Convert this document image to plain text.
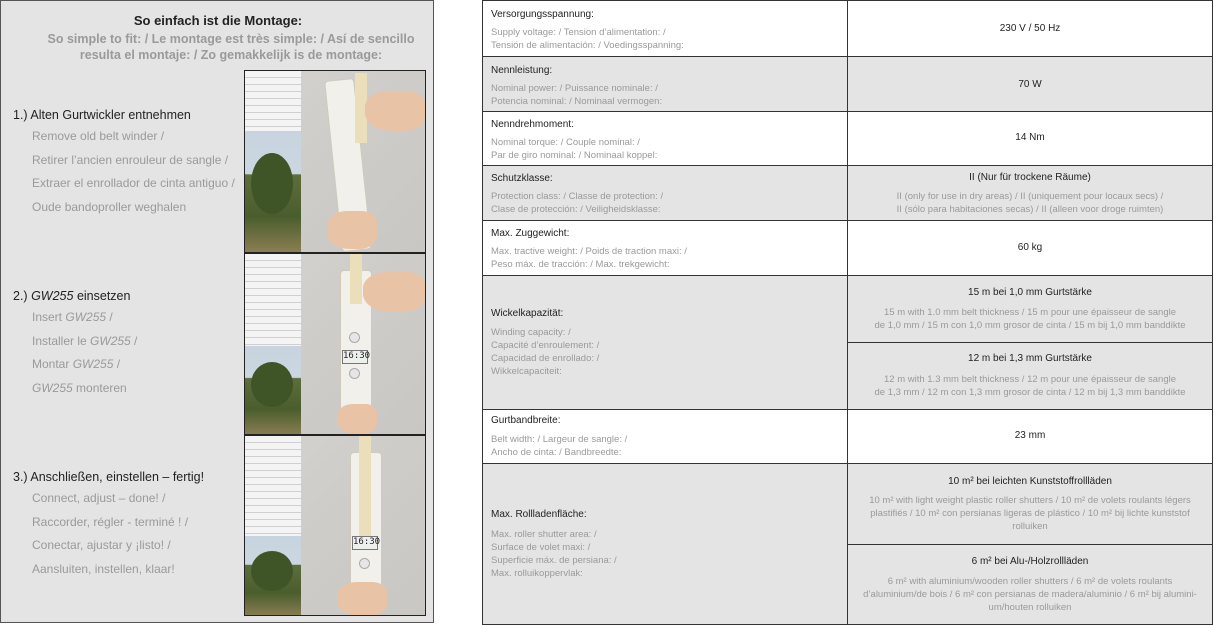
So einfach ist die Montage:
So simple to fit: / Le montage est très simple: / Así de sencillo
resulta el montaje: / Zo gemakkelijk is de montage:
1.) Alten Gurtwickler entnehmen
Remove old belt winder /
Retirer l’ancien enrouleur de sangle /
Extraer el enrollador de cinta antiguo /
Oude bandoproller weghalen
2.) GW255 einsetzen
Insert GW255 /
Installer le GW255 /
Montar GW255 /
GW255 monteren
3.) Anschließen, einstellen – fertig!
Connect, adjust – done! /
Raccorder, régler - terminé ! /
Conectar, ajustar y ¡listo! /
Aansluiten, instellen, klaar!
16:30
16:30
Versorgungsspannung:
Supply voltage: / Tension d’alimentation: /
Tensión de alimentación: / Voedingsspanning:
230 V / 50 Hz
Nennleistung:
Nominal power: / Puissance nominale: /
Potencia nominal: / Nominaal vermogen:
70 W
Nenndrehmoment:
Nominal torque: / Couple nominal: /
Par de giro nominal: / Nominaal koppel:
14 Nm
Schutzklasse:
Protection class: / Classe de protection: /
Clase de protección: / Veiligheidsklasse:
II (Nur für trockene Räume)
II (only for use in dry areas) / II (uniquement pour locaux secs) /
II (sólo para habitaciones secas) / II (alleen voor droge ruimten)
Max. Zuggewicht:
Max. tractive weight: / Poids de traction maxi: /
Peso máx. de tracción: / Max. trekgewicht:
60 kg
Wickelkapazität:
Winding capacity: /
Capacité d’enroulement: /
Capacidad de enrollado: /
Wikkelcapaciteit:
15 m bei 1,0 mm Gurtstärke
15 m with 1.0 mm belt thickness / 15 m pour une épaisseur de sangle
de 1,0 mm / 15 m con 1,0 mm grosor de cinta / 15 m bij 1,0 mm banddikte
12 m bei 1,3 mm Gurtstärke
12 m with 1.3 mm belt thickness / 12 m pour une épaisseur de sangle
de 1,3 mm / 12 m con 1,3 mm grosor de cinta / 12 m bij 1,3 mm banddikte
Gurtbandbreite:
Belt width: / Largeur de sangle: /
Ancho de cinta: / Bandbreedte:
23 mm
Max. Rollladenfläche:
Max. roller shutter area: /
Surface de volet maxi: /
Superficie máx. de persiana: /
Max. rolluikoppervlak:
10 m² bei leichten Kunststoffrollläden
10 m² with light weight plastic roller shutters / 10 m² de volets roulants légers
plastifiés / 10 m² con persianas ligeras de plástico / 10 m² bij lichte kunststof
rolluiken
6 m² bei Alu-/Holzrollläden
6 m² with aluminium/wooden roller shutters / 6 m² de volets roulants
d’aluminium/de bois / 6 m² con persianas de madera/aluminio / 6 m² bij alumini-
um/houten rolluiken
